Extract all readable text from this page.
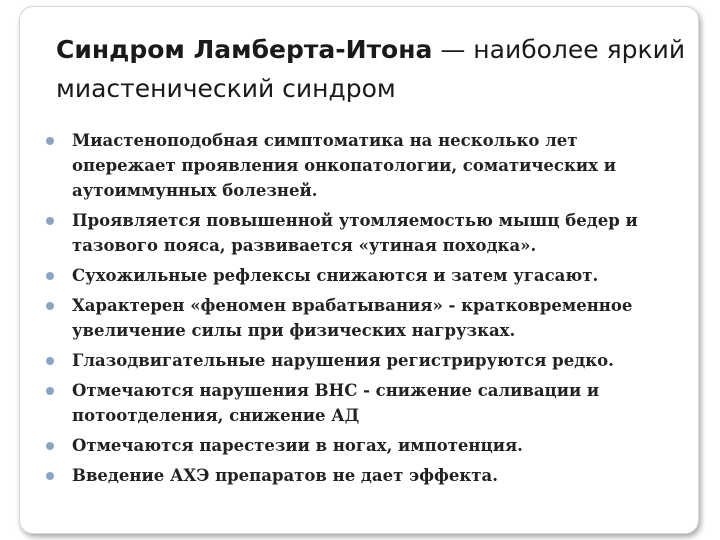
Синдром Ламберта-Итона — наиболее яркий миастенический синдром
Миастеноподобная симптоматика на несколько лет опережает проявления онкопатологии, соматических и аутоиммунных болезней.
Проявляется повышенной утомляемостью мышц бедер и тазового пояса, развивается «утиная походка».
Сухожильные рефлексы снижаются и затем угасают.
Характерен «феномен врабатывания» - кратковременное увеличение силы при физических нагрузках.
Глазодвигательные нарушения регистрируются редко.
Отмечаются нарушения ВНС - снижение саливации и потоотделения, снижение АД
Отмечаются парестезии в ногах, импотенция.
Введение АХЭ препаратов не дает эффекта.
